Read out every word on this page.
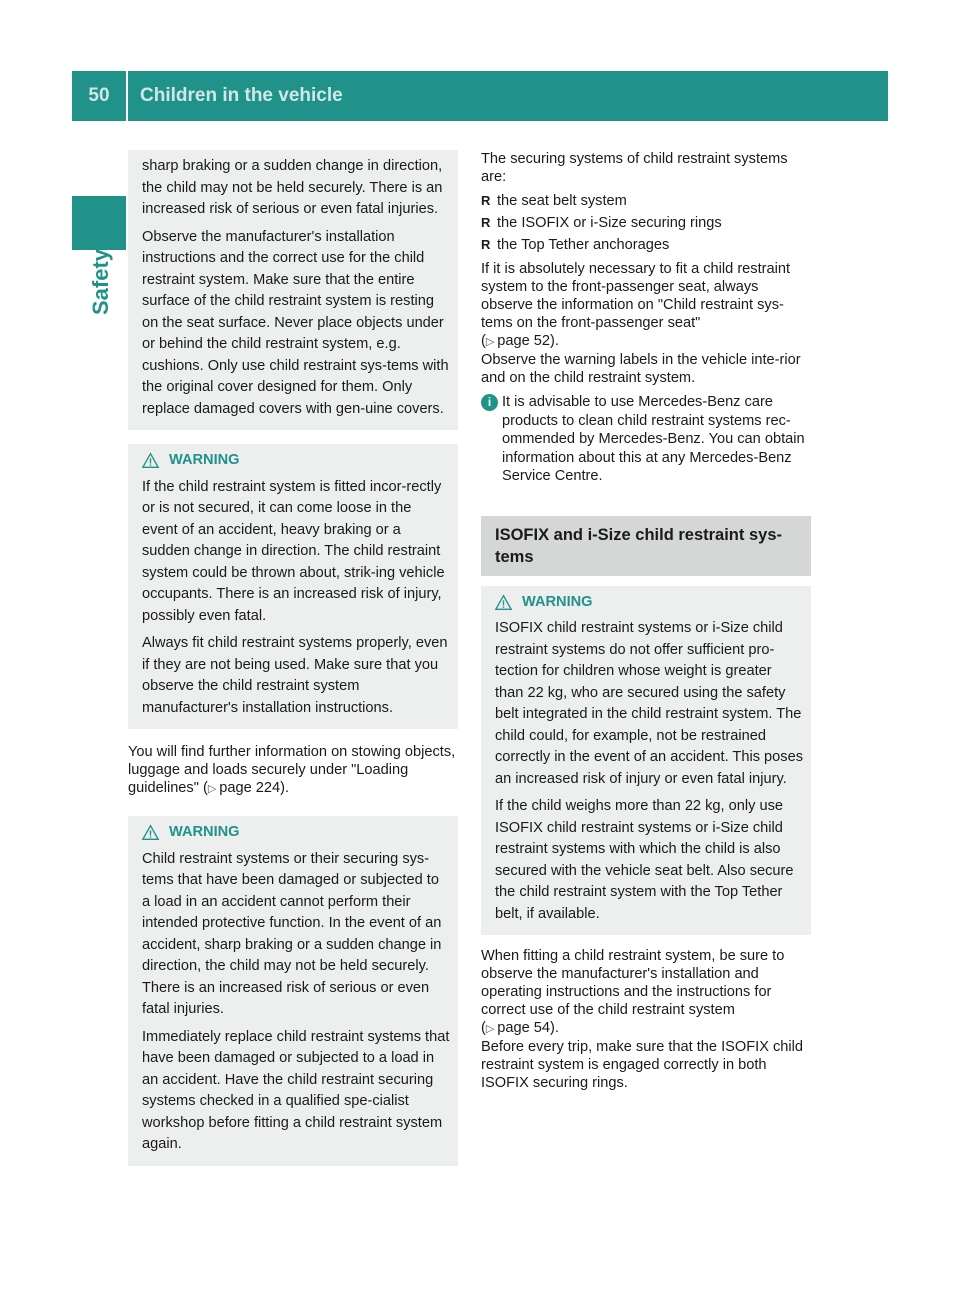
50	Children in the vehicle
Safety

sharp braking or a sudden change in direction, the child may not be held securely. There is an increased risk of serious or even fatal injuries.

Observe the manufacturer's installation instructions and the correct use for the child restraint system. Make sure that the entire surface of the child restraint system is resting on the seat surface. Never place objects under or behind the child restraint system, e.g. cushions. Only use child restraint sys-tems with the original cover designed for them. Only replace damaged covers with gen-uine covers.

WARNING

If the child restraint system is fitted incor-rectly or is not secured, it can come loose in the event of an accident, heavy braking or a sudden change in direction. The child restraint system could be thrown about, strik-ing vehicle occupants. There is an increased risk of injury, possibly even fatal.

Always fit child restraint systems properly, even if they are not being used. Make sure that you observe the child restraint system manufacturer's installation instructions.

You will find further information on stowing objects, luggage and loads securely under "Loading guidelines" (▷  page 224).

WARNING

Child restraint systems or their securing sys-tems that have been damaged or subjected to a load in an accident cannot perform their intended protective function. In the event of an accident, sharp braking or a sudden change in direction, the child may not be held securely. There is an increased risk of serious or even fatal injuries.

Immediately replace child restraint systems that have been damaged or subjected to a load in an accident. Have the child restraint securing systems checked in a qualified spe-cialist workshop before fitting a child restraint system again.

The securing systems of child restraint systems are:

R the seat belt system
R the ISOFIX or i-Size securing rings
R the Top Tether anchorages

If it is absolutely necessary to fit a child restraint system to the front-passenger seat, always observe the information on "Child restraint sys-tems on the front-passenger seat"
(▷  page 52).

Observe the warning labels in the vehicle inte-rior and on the child restraint system.

i It is advisable to use Mercedes-Benz care products to clean child restraint systems rec-ommended by Mercedes-Benz. You can obtain information about this at any Mercedes-Benz Service Centre.

ISOFIX and i-Size child restraint sys-tems

WARNING

ISOFIX child restraint systems or i-Size child restraint systems do not offer sufficient pro-tection for children whose weight is greater than 22 kg, who are secured using the safety belt integrated in the child restraint system. The child could, for example, not be restrained correctly in the event of an accident. This poses an increased risk of injury or even fatal injury.

If the child weighs more than 22 kg, only use ISOFIX child restraint systems or i-Size child restraint systems with which the child is also secured with the vehicle seat belt. Also secure the child restraint system with the Top Tether belt, if available.

When fitting a child restraint system, be sure to observe the manufacturer's installation and operating instructions and the instructions for correct use of the child restraint system
(▷  page 54).

Before every trip, make sure that the ISOFIX child restraint system is engaged correctly in both ISOFIX securing rings.
